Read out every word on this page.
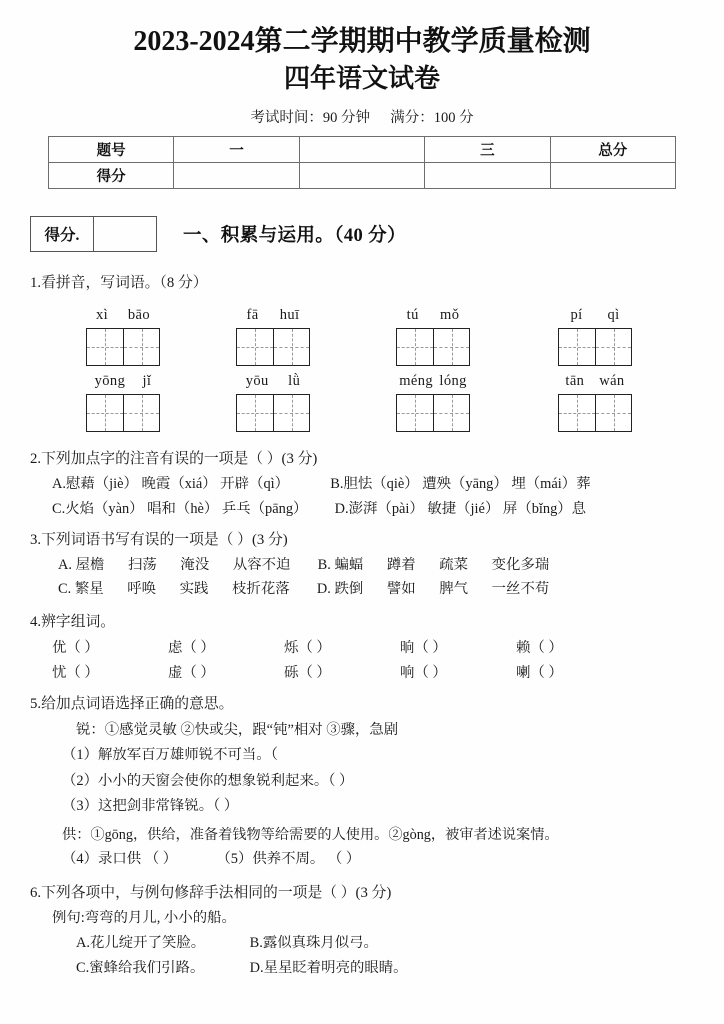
2023-2024第二学期期中教学质量检测
四年语文试卷

考试时间：90 分钟 满分：100 分

题号	一		三	总分
得分				
得分.	一、积累与运用。（40 分）
1.看拼音，写词语。（8 分）
xì bāo	fā huī	tú mǒ	pí qì
yōng jǐ	yōu lǜ	méng lóng	tān wán
2.下列加点字的注音有误的一项是（ ）(3 分)
A.慰藉（jiè） 晚霞（xiá） 开辟（qì）	B.胆怯（qiè） 遭殃（yāng） 埋（mái）葬
C.火焰（yàn） 唱和（hè） 乒乓（pāng） D.澎湃（pài） 敏捷（jié） 屏（bǐng）息
3.下列词语书写有误的一项是（ ）(3 分)
A. 屋檐 扫荡 淹没 从容不迫 B. 蝙蝠 蹲着 疏菜 变化多瑞
C. 繁星 呼唤 实践 枝折花落 D. 跌倒 譬如 脾气 一丝不苟
4.辨字组词。
优（ ）	虑（ ）	烁（ ）	晌（ ）	赖（ ）
忧（ ）	虚（ ）	砾（ ）	响（ ）	喇（ ）
5.给加点词语选择正确的意思。
锐：①感觉灵敏 ②快或尖，跟“钝”相对 ③骤，急剧
（1）解放军百万雄师锐不可当。（
（2）小小的天窗会使你的想象锐利起来。（ ）
（3）这把剑非常锋锐。（ ）
供：①gōng，供给，准备着钱物等给需要的人使用。②gòng，被审者述说案情。
（4）录口供 （ ）	（5）供养不周。 （ ）
6.下列各项中，与例句修辞手法相同的一项是（ ）(3 分)
例句:弯弯的月儿, 小小的船。
A.花儿绽开了笑脸。	B.露似真珠月似弓。
C.蜜蜂给我们引路。	D.星星眨着明亮的眼睛。
